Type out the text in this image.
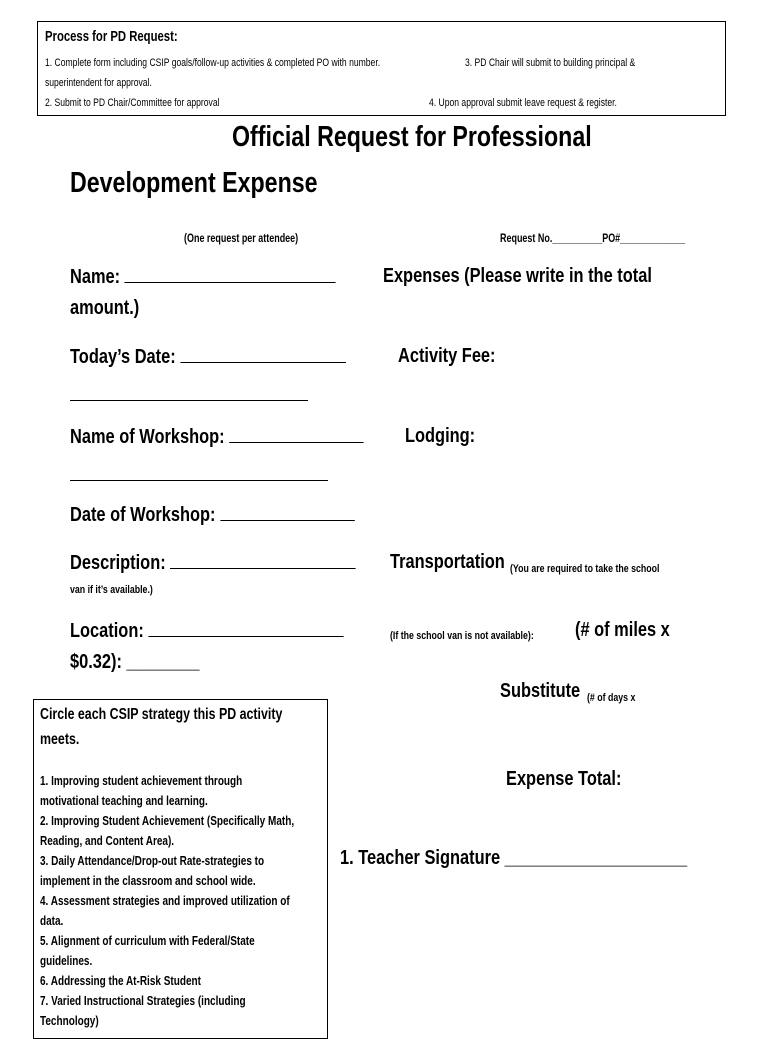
Process for PD Request:
1. Complete form including CSIP goals/follow-up activities & completed PO with number.	3. PD Chair will submit to building principal &
superintendent for approval.
2. Submit to PD Chair/Committee for approval	4. Upon approval submit leave request & register.
Official Request for Professional
Development Expense
(One request per attendee)	Request No.__________PO#_____________
Name:
amount.)
Today’s Date:
Name of Workshop:
Date of Workshop:
Description:
van if it’s available.)
Location:
$0.32): ________
Expenses (Please write in the total
Activity Fee:
Lodging:
Transportation (You are required to take the school
(If the school van is not available):	(# of miles x
Substitute (# of days x
Expense Total:
1. Teacher Signature ____________________
Circle each CSIP strategy this PD activity
meets.
1. Improving student achievement through
motivational teaching and learning.
2. Improving Student Achievement (Specifically Math,
Reading, and Content Area).
3. Daily Attendance/Drop-out Rate-strategies to
implement in the classroom and school wide.
4. Assessment strategies and improved utilization of
data.
5. Alignment of curriculum with Federal/State
guidelines.
6. Addressing the At-Risk Student
7. Varied Instructional Strategies (including
Technology)
